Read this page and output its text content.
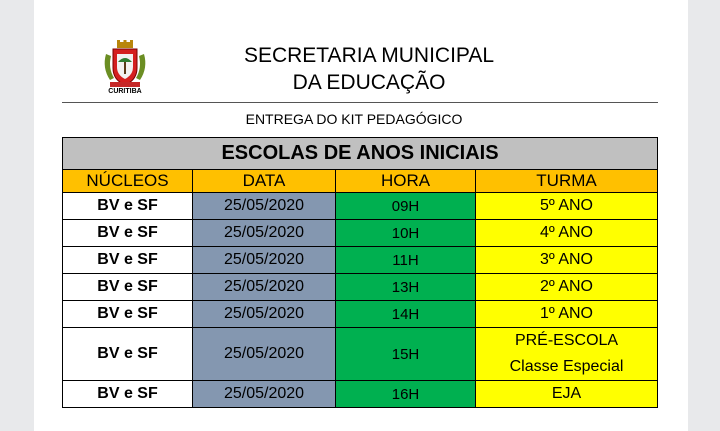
CURITIBA
SECRETARIA MUNICIPAL
DA EDUCAÇÃO
ENTREGA DO KIT PEDAGÓGICO
ESCOLAS DE ANOS INICIAIS			
NÚCLEOS	DATA	HORA	TURMA
BV e SF	25/05/2020	09H	5º ANO

BV e SF	25/05/2020	10H	4º ANO

BV e SF	25/05/2020	11H	3º ANO

BV e SF	25/05/2020	13H	2º ANO

BV e SF	25/05/2020	14H	1º ANO

BV e SF	25/05/2020	15H	PRÉ-ESCOLA
Classe Especial

BV e SF	25/05/2020	16H	EJA
